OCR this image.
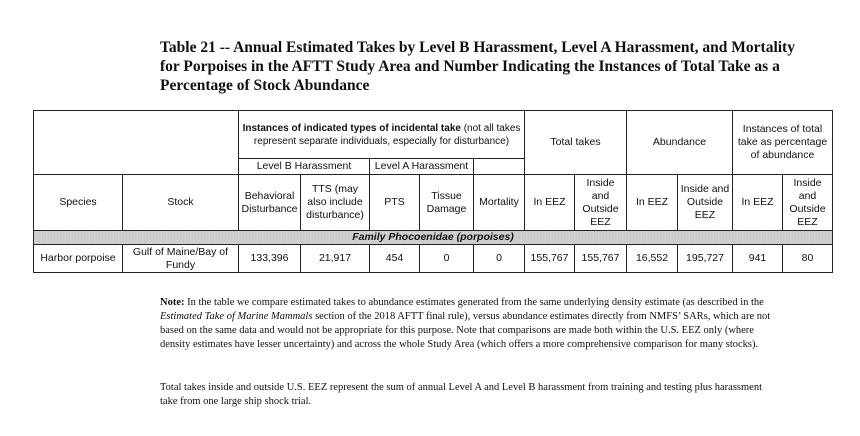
Table 21 -- Annual Estimated Takes by Level B Harassment, Level A Harassment, and Mortality for Porpoises in the AFTT Study Area and Number Indicating the Instances of Total Take as a Percentage of Stock Abundance
		Instances of indicated types of incidental take (not all takes represent separate individuals, especially for disturbance)					Total takes		Abundance		Instances of total take as percentage of abundance	
		Level B Harassment		Level A Harassment								
Species	Stock	Behavioral Disturbance	TTS (may also include disturbance)	PTS	Tissue Damage	Mortality	In EEZ	Inside and Outside EEZ	In EEZ	Inside and Outside EEZ	In EEZ	Inside and Outside EEZ
Family Phocoenidae (porpoises)												
Harbor porpoise	Gulf of Maine/Bay of Fundy	133,396	21,917	454	0	0	155,767	155,767	16,552	195,727	941	80

Note: In the table we compare estimated takes to abundance estimates generated from the same underlying density estimate (as described in the Estimated Take of Marine Mammals section of the 2018 AFTT final rule), versus abundance estimates directly from NMFS’ SARs, which are not based on the same data and would not be appropriate for this purpose. Note that comparisons are made both within the U.S. EEZ only (where density estimates have lesser uncertainty) and across the whole Study Area (which offers a more comprehensive comparison for many stocks).

Total takes inside and outside U.S. EEZ represent the sum of annual Level A and Level B harassment from training and testing plus harassment take from one large ship shock trial.
